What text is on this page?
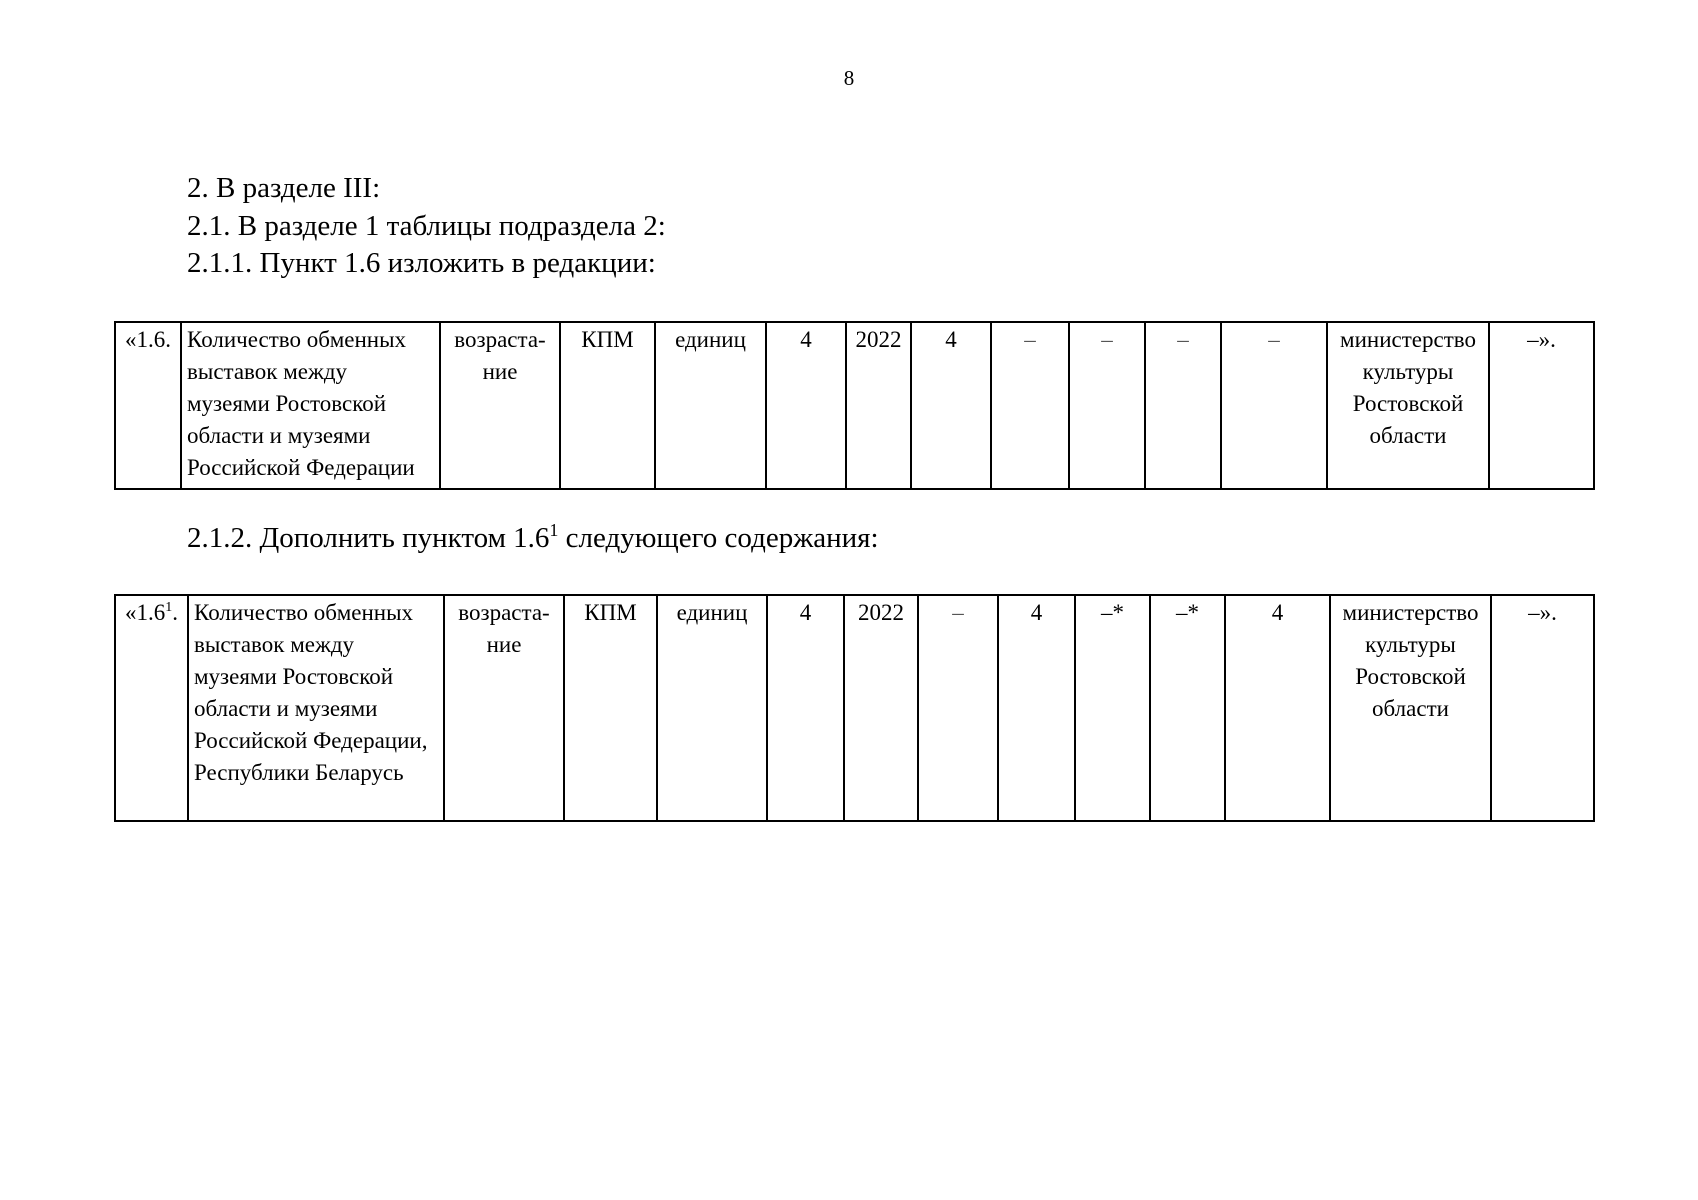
8
2. В разделе III:
2.1. В разделе 1 таблицы подраздела 2:
2.1.1. Пункт 1.6 изложить в редакции:
«1.6.	Количество обменных выставок между музеями Ростовской области и музеями Российской Федерации	возраста-ние	КПМ	единиц	4	2022	4	–	–	–	–	министерство культуры Ростовской области	–».
2.1.2. Дополнить пунктом $1.6^1$ следующего содержания:
«$1.6^1$.	Количество обменных выставок между музеями Ростовской области и музеями Российской Федерации, Республики Беларусь	возраста-ние	КПМ	единиц	4	2022	–	4	–*	–*	4	министерство культуры Ростовской области	–».
